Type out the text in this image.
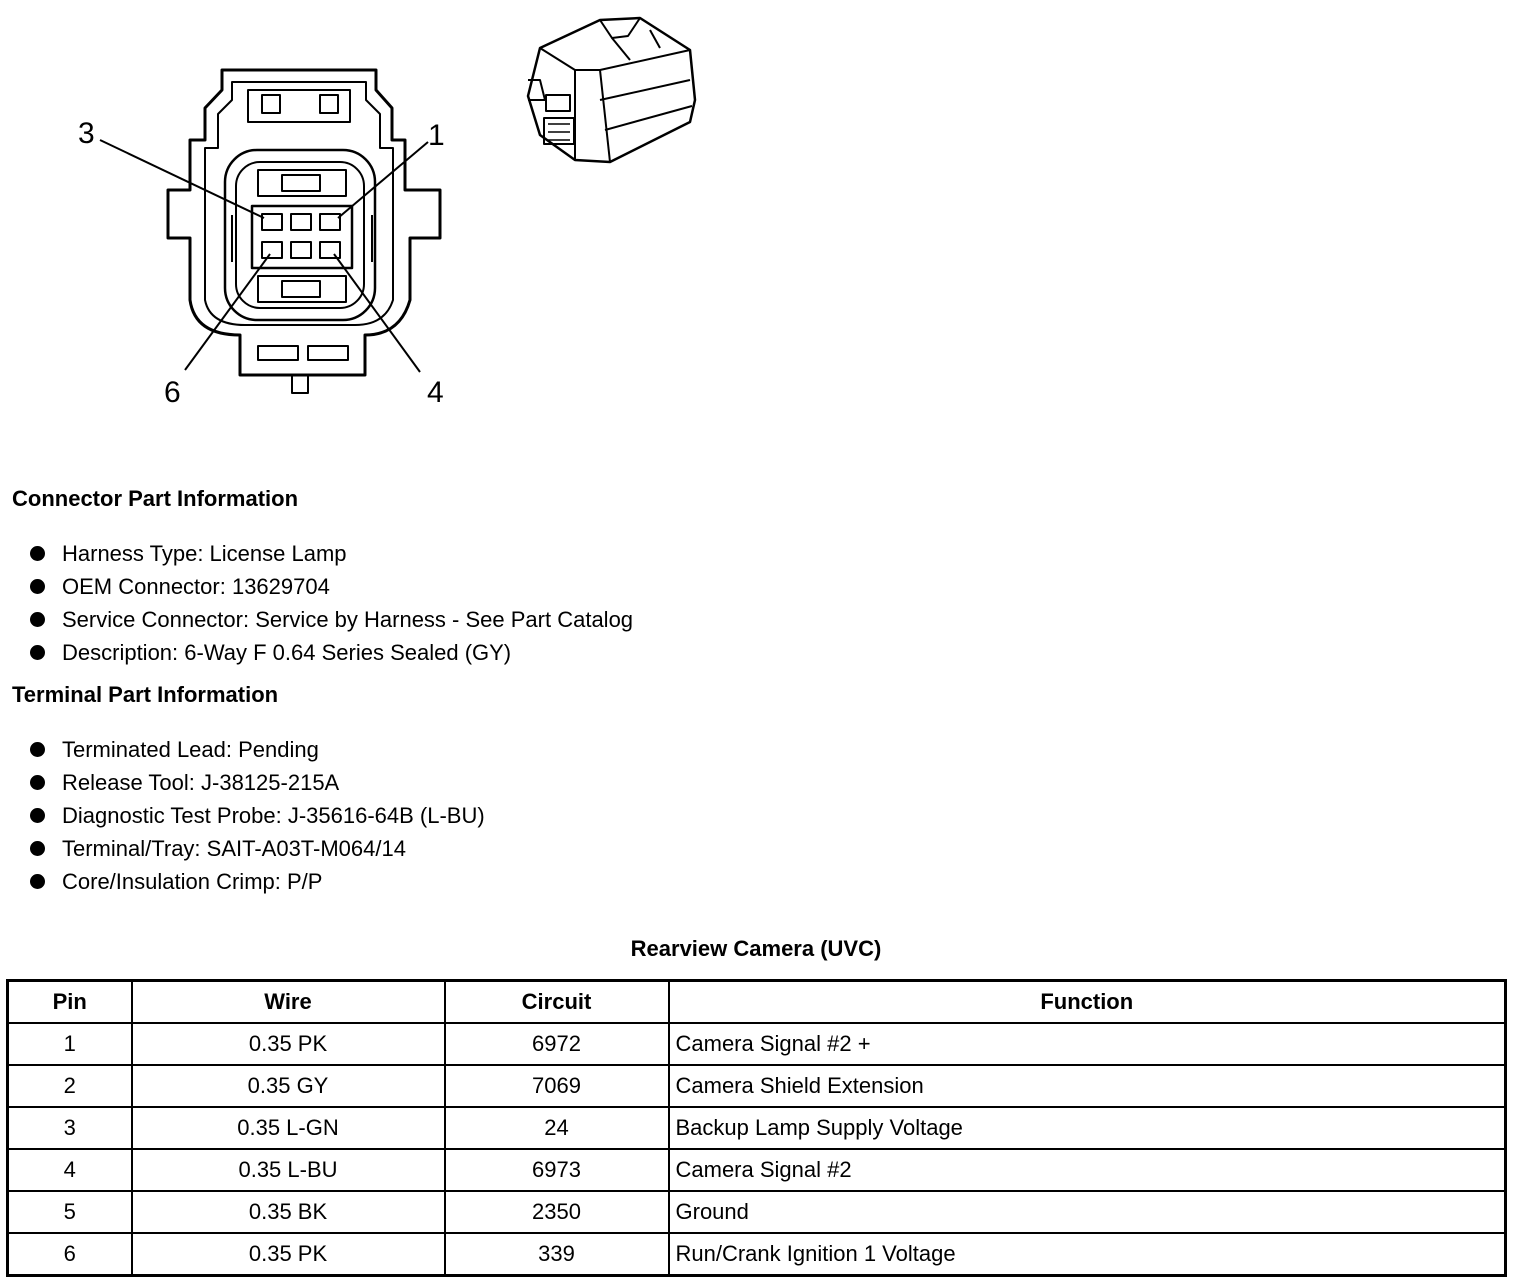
3	1
6	4
Connector Part Information
Harness Type: License Lamp
OEM Connector: 13629704
Service Connector: Service by Harness - See Part Catalog
Description: 6-Way F 0.64 Series Sealed (GY)
Terminal Part Information
Terminated Lead: Pending
Release Tool: J-38125-215A
Diagnostic Test Probe: J-35616-64B (L-BU)
Terminal/Tray: SAIT-A03T-M064/14
Core/Insulation Crimp: P/P
Rearview Camera (UVC)
Pin	Wire	Circuit	Function
1	0.35 PK	6972	Camera Signal #2 +
2	0.35 GY	7069	Camera Shield Extension
3	0.35 L-GN	24	Backup Lamp Supply Voltage
4	0.35 L-BU	6973	Camera Signal #2
5	0.35 BK	2350	Ground
6	0.35 PK	339	Run/Crank Ignition 1 Voltage
